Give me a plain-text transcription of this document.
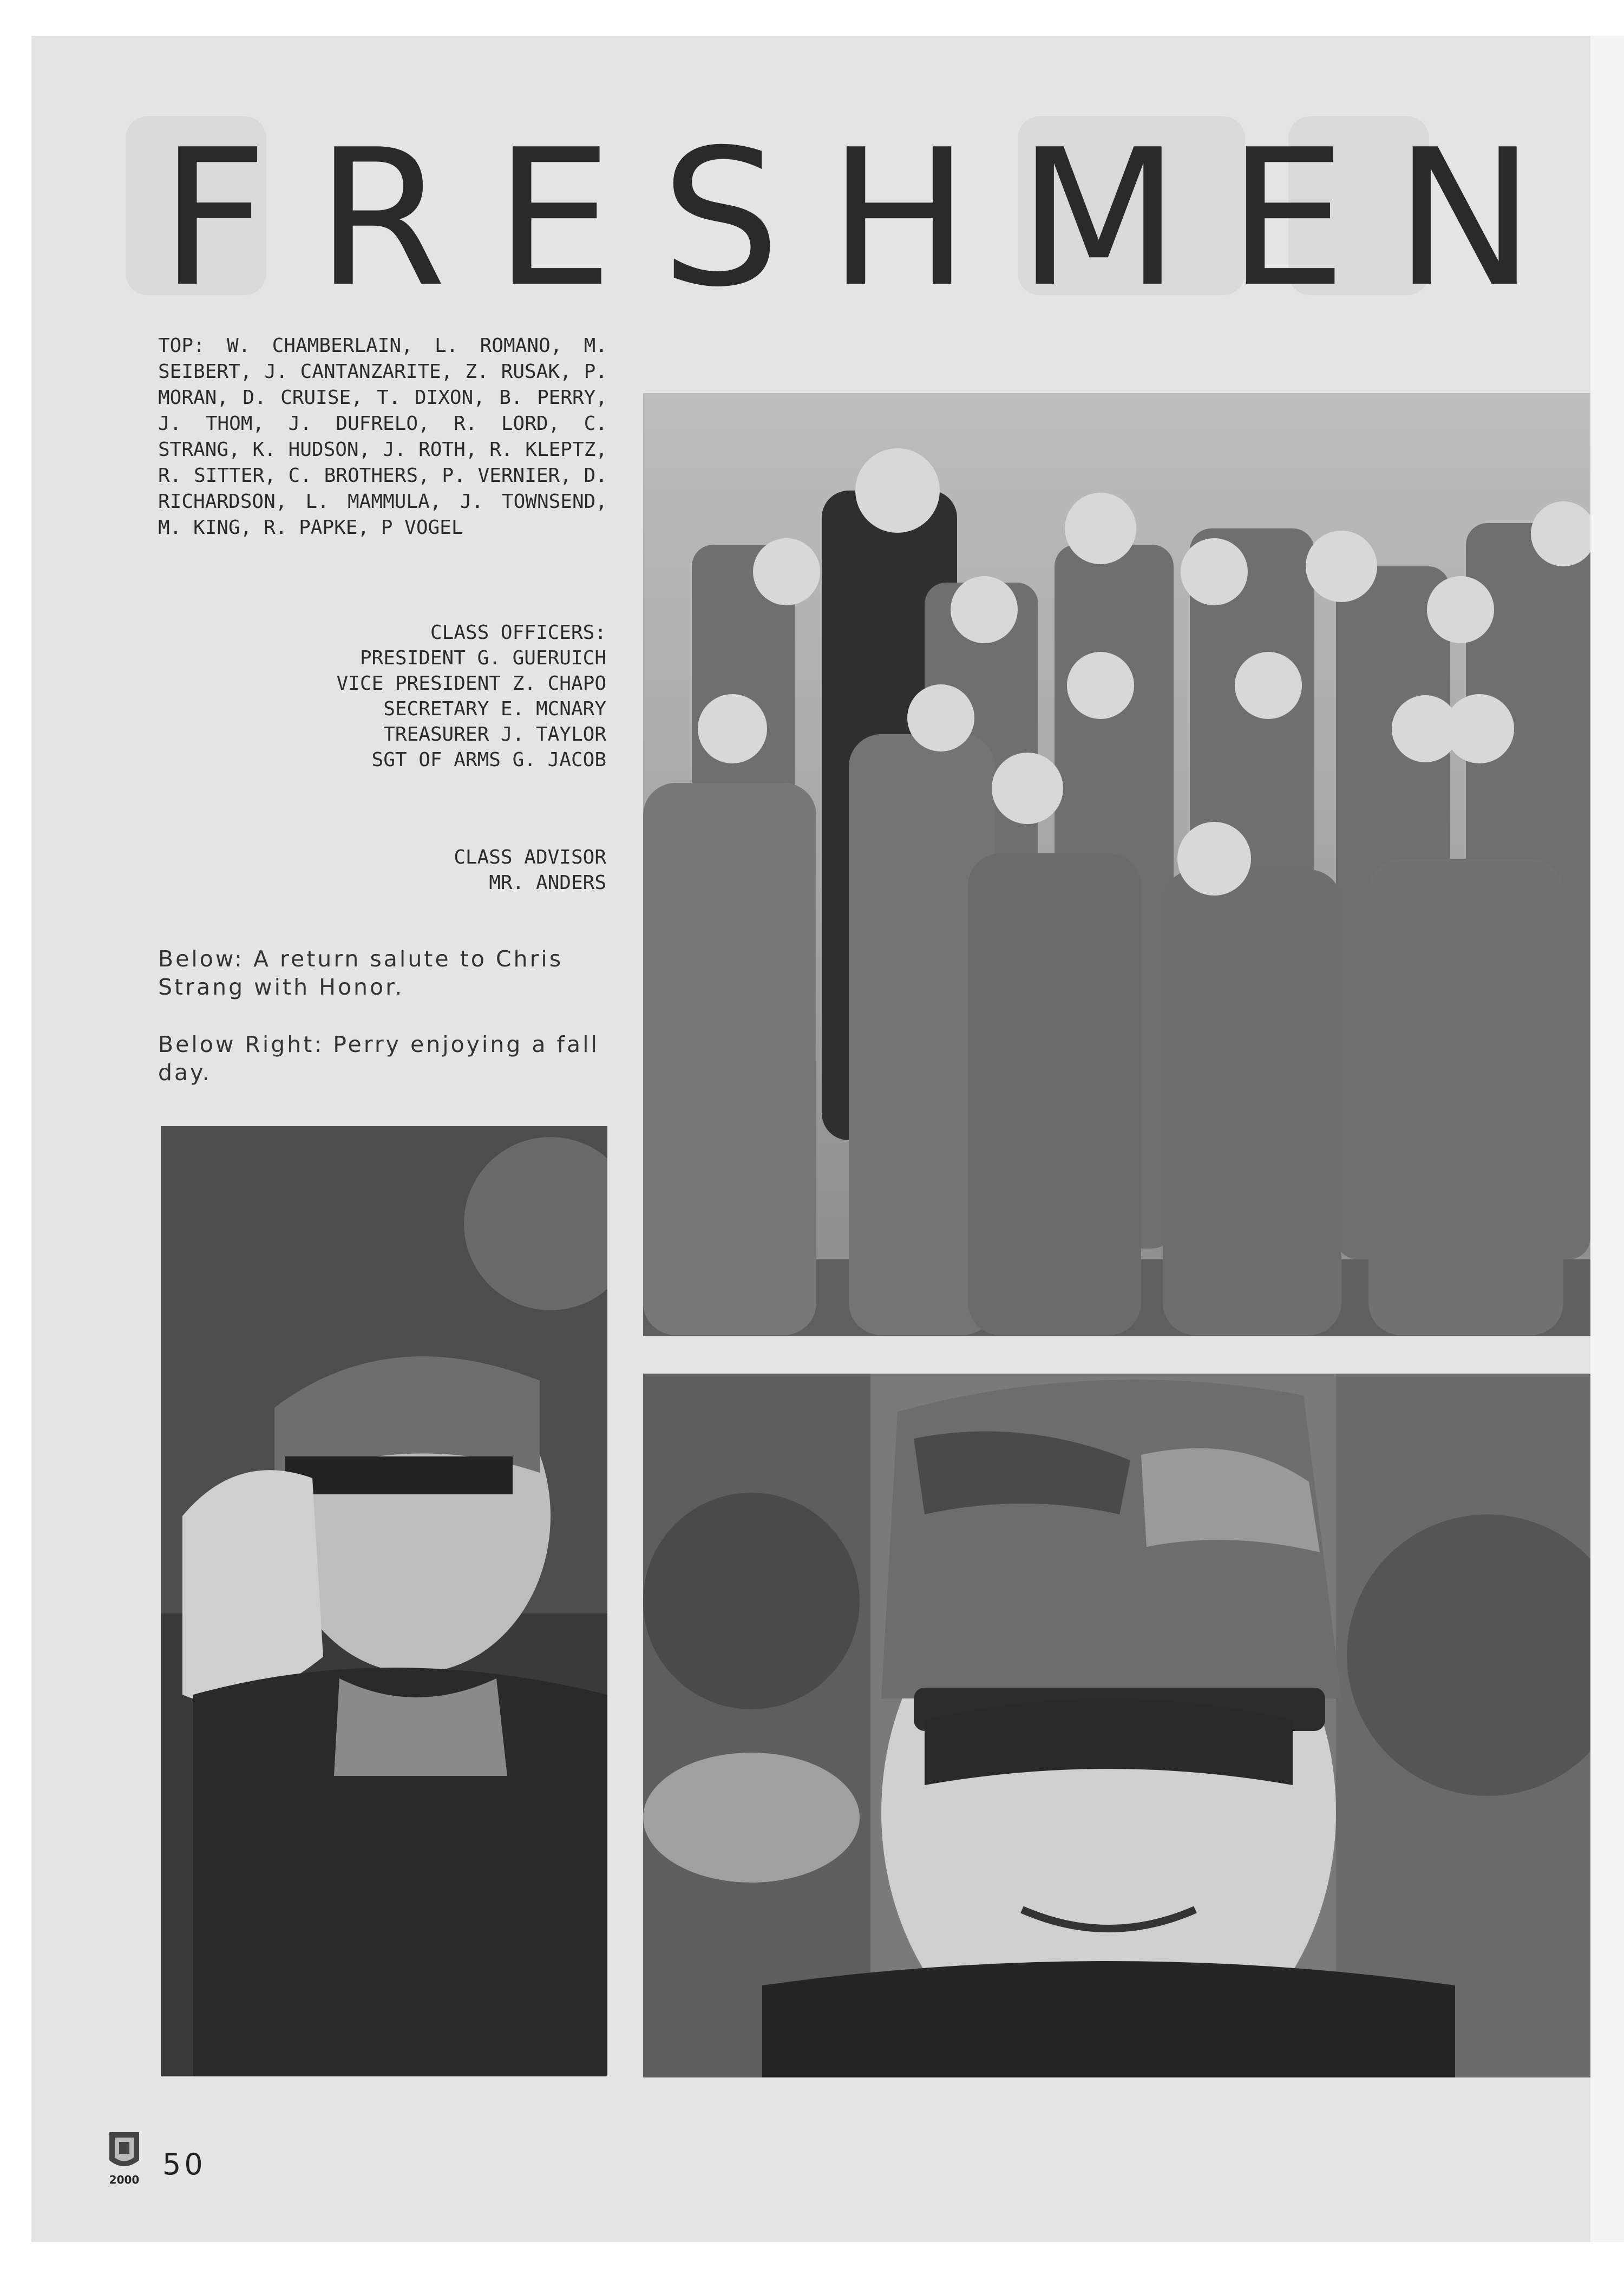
FRESHMEN
TOP: W. CHAMBERLAIN, L. ROMANO, M. SEIBERT, J. CANTANZARITE, Z. RUSAK, P. MORAN, D. CRUISE, T. DIXON, B. PERRY, J. THOM, J. DUFRELO, R. LORD, C. STRANG, K. HUDSON, J. ROTH, R. KLEPTZ, R. SITTER, C. BROTHERS, P. VERNIER, D. RICHARDSON, L. MAMMULA, J. TOWNSEND, M. KING, R. PAPKE, P VOGEL
CLASS OFFICERS:
PRESIDENT G. GUERUICH
VICE PRESIDENT Z. CHAPO
SECRETARY E. MCNARY
TREASURER J. TAYLOR
SGT OF ARMS G. JACOB
CLASS ADVISOR
MR. ANDERS
Below: A return salute to Chris Strang with Honor.
Below Right: Perry enjoying a fall day.
2000 50
